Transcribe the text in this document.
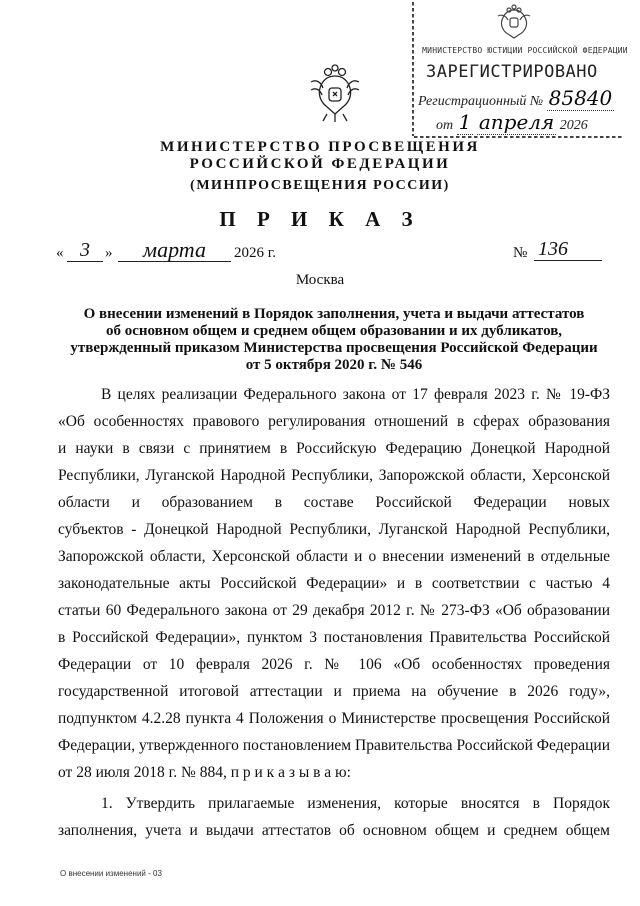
МИНИСТЕРСТВО ЮСТИЦИИ РОССИЙСКОЙ ФЕДЕРАЦИИ
ЗАРЕГИСТРИРОВАНО
Регистрационный № 85840
от 1 апреля 2026
МИНИСТЕРСТВО ПРОСВЕЩЕНИЯ
РОССИЙСКОЙ ФЕДЕРАЦИИ
(МИНПРОСВЕЩЕНИЯ РОССИИ)
П Р И К А З
« 3	»	марта	2026 г.	№ 136
Москва
О внесении изменений в Порядок заполнения, учета и выдачи аттестатов
об основном общем и среднем общем образовании и их дубликатов,
утвержденный приказом Министерства просвещения Российской Федерации
от 5 октября 2020 г. № 546
В целях реализации Федерального закона от 17 февраля 2023 г. № 19-ФЗ
«Об особенностях правового регулирования отношений в сферах образования
и науки в связи с принятием в Российскую Федерацию Донецкой Народной
Республики, Луганской Народной Республики, Запорожской области, Херсонской
области и образованием в составе Российской Федерации новых
субъектов - Донецкой Народной Республики, Луганской Народной Республики,
Запорожской области, Херсонской области и о внесении изменений в отдельные
законодательные акты Российской Федерации» и в соответствии с частью 4
статьи 60 Федерального закона от 29 декабря 2012 г. № 273-ФЗ «Об образовании
в Российской Федерации», пунктом 3 постановления Правительства Российской
Федерации от 10 февраля 2026 г. № 106 «Об особенностях проведения
государственной итоговой аттестации и приема на обучение в 2026 году»,
подпунктом 4.2.28 пункта 4 Положения о Министерстве просвещения Российской
Федерации, утвержденного постановлением Правительства Российской Федерации
от 28 июля 2018 г. № 884, п р и к а з ы в а ю:
1. Утвердить прилагаемые изменения, которые вносятся в Порядок
заполнения, учета и выдачи аттестатов об основном общем и среднем общем
О внесении изменений - 03
